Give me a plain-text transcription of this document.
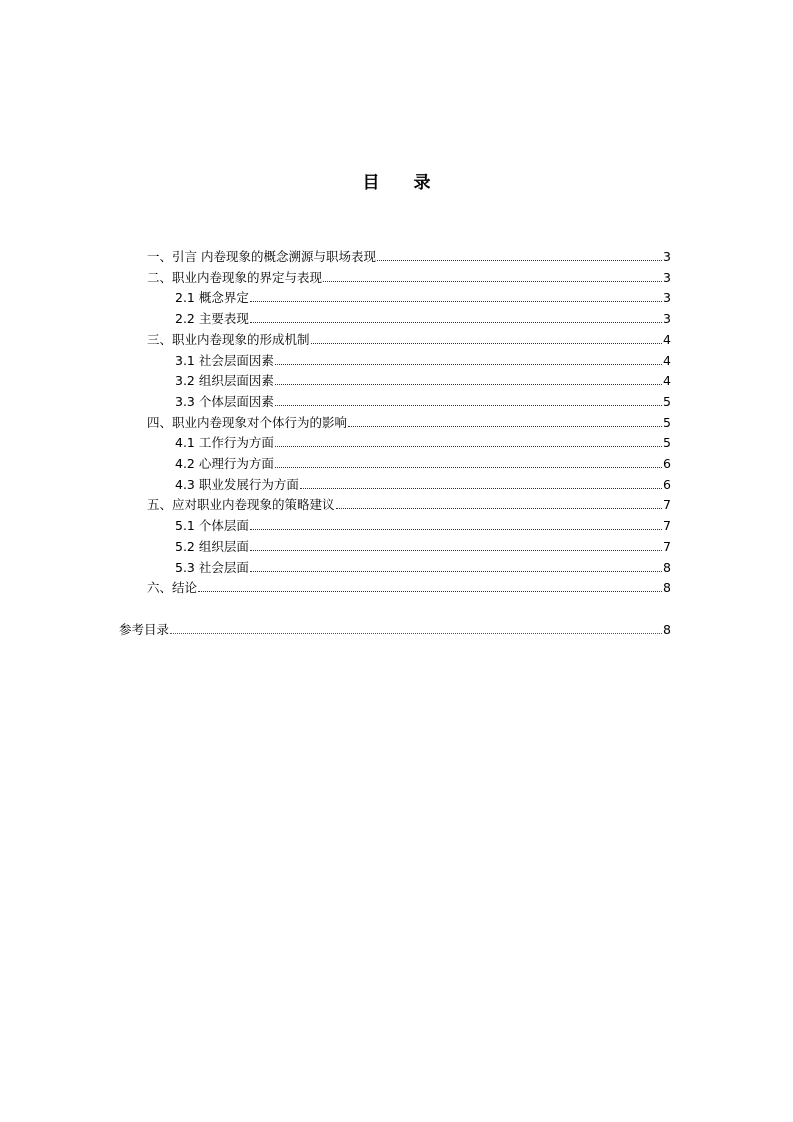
目 录
一、引言 内卷现象的概念溯源与职场表现	3
二、职业内卷现象的界定与表现	3
2.1 概念界定	3
2.2 主要表现	3
三、职业内卷现象的形成机制	4
3.1 社会层面因素	4
3.2 组织层面因素	4
3.3 个体层面因素	5
四、职业内卷现象对个体行为的影响	5
4.1 工作行为方面	5
4.2 心理行为方面	6
4.3 职业发展行为方面	6
五、应对职业内卷现象的策略建议	7
5.1 个体层面	7
5.2 组织层面	7
5.3 社会层面	8
六、结论	8
参考目录	8
